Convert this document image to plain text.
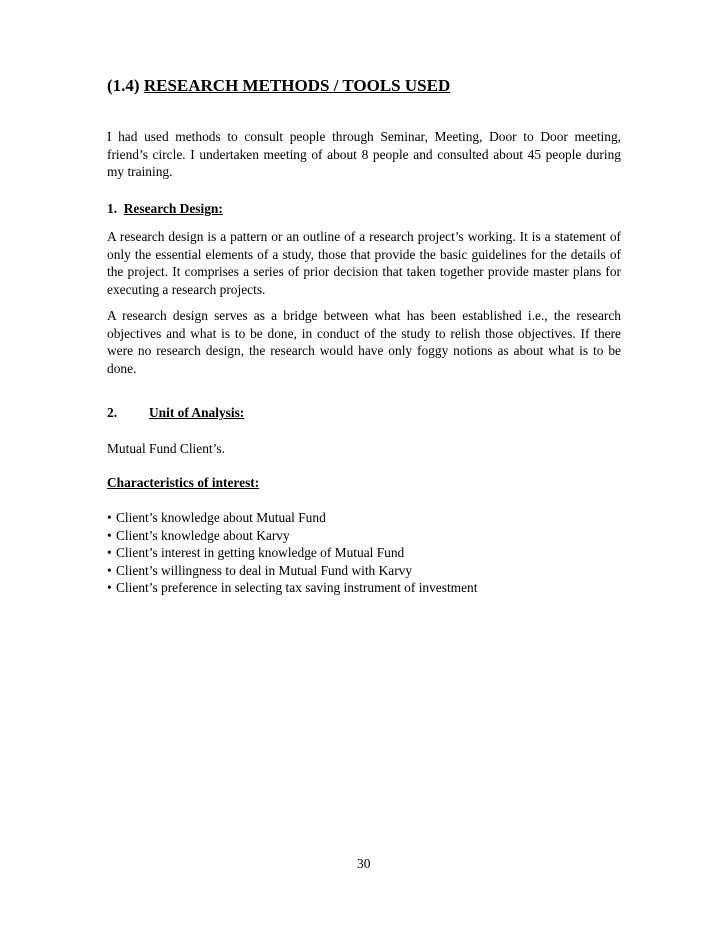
(1.4) RESEARCH METHODS / TOOLS USED

I had used methods to consult people through Seminar, Meeting, Door to Door meeting, friend’s circle. I undertaken meeting of about 8 people and consulted about 45 people during my training.

1. Research Design:

A research design is a pattern or an outline of a research project’s working. It is a statement of only the essential elements of a study, those that provide the basic guidelines for the details of the project. It comprises a series of prior decision that taken together provide master plans for executing a research projects.

A research design serves as a bridge between what has been established i.e., the research objectives and what is to be done, in conduct of the study to relish those objectives. If there were no research design, the research would have only foggy notions as about what is to be done.

2. Unit of Analysis:

Mutual Fund Client’s.

Characteristics of interest:

• Client’s knowledge about Mutual Fund
• Client’s knowledge about Karvy
• Client’s interest in getting knowledge of Mutual Fund
• Client’s willingness to deal in Mutual Fund with Karvy
• Client’s preference in selecting tax saving instrument of investment

30
